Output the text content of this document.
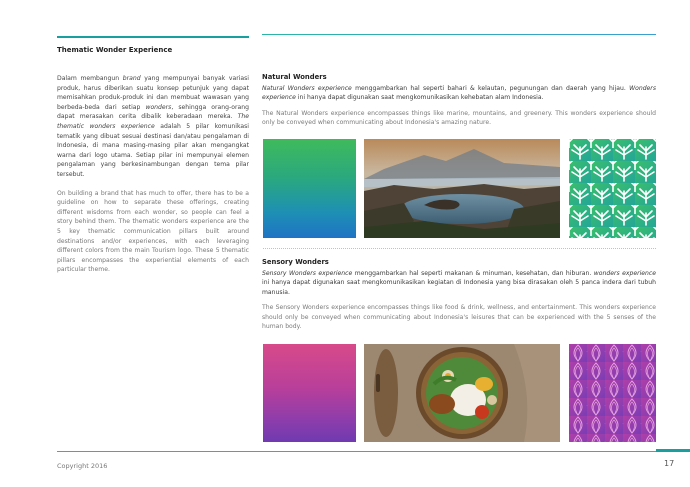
Thematic Wonder Experience

Dalam membangun brand yang mempunyai banyak variasi produk, harus diberikan suatu konsep petunjuk yang dapat memisahkan produk-produk ini dan membuat wawasan yang berbeda-beda dari setiap wonders, sehingga orang-orang dapat merasakan cerita dibalik keberadaan mereka. The thematic wonders experience adalah 5 pilar komunikasi tematik yang dibuat sesuai destinasi dan/atau pengalaman di Indonesia, di mana masing-masing pilar akan mengangkat warna dari logo utama. Setiap pilar ini mempunyai elemen pengalaman yang berkesinambungan dengan tema pilar tersebut.

On building a brand that has much to offer, there has to be a guideline on how to separate these offerings, creating different wisdoms from each wonder, so people can feel a story behind them. The thematic wonders experience are the 5 key thematic communication pillars built around destinations and/or experiences, with each leveraging different colors from the main Tourism logo. These 5 thematic pillars encompasses the experiential elements of each particular theme.

Natural Wonders
Natural Wonders experience menggambarkan hal seperti bahari & kelautan, pegunungan dan daerah yang hijau. Wonders experience ini hanya dapat digunakan saat mengkomunikasikan kehebatan alam Indonesia.
The Natural Wonders experience encompasses things like marine, mountains, and greenery. This wonders experience should only be conveyed when communicating about Indonesia's amazing nature.
Sensory Wonders
Sensory Wonders experience menggambarkan hal seperti makanan & minuman, kesehatan, dan hiburan. wonders experience ini hanya dapat digunakan saat mengkomunikasikan kegiatan di Indonesia yang bisa dirasakan oleh 5 panca indera dari tubuh manusia.
The Sensory Wonders experience encompasses things like food & drink, wellness, and entertainment. This wonders experience should only be conveyed when communicating about Indonesia's leisures that can be experienced with the 5 senses of the human body.
Copyright 2016	17
